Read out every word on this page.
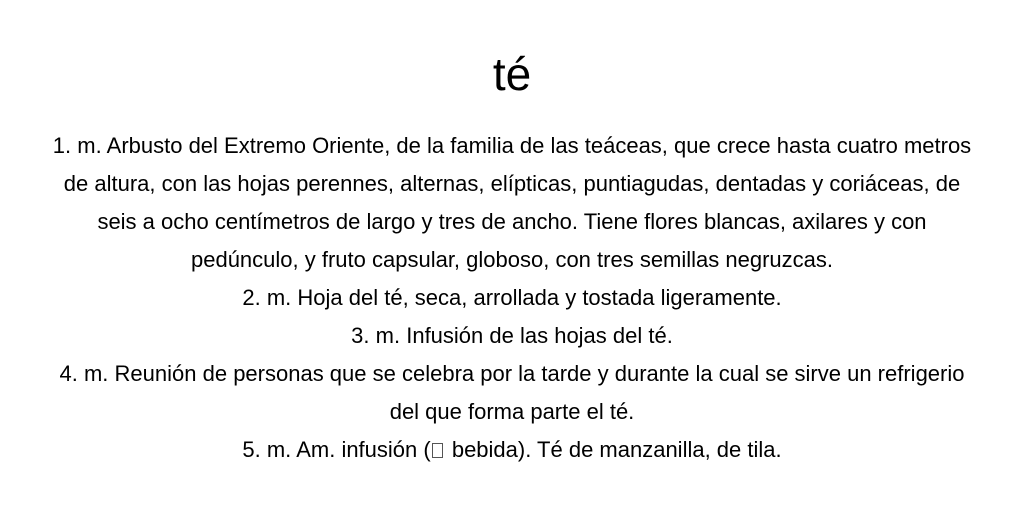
té
1. m. Arbusto del Extremo Oriente, de la familia de las teáceas, que crece hasta cuatro metros de altura, con las hojas perennes, alternas, elípticas, puntiagudas, dentadas y coriáceas, de seis a ocho centímetros de largo y tres de ancho. Tiene flores blancas, axilares y con pedúnculo, y fruto capsular, globoso, con tres semillas negruzcas.
2. m. Hoja del té, seca, arrollada y tostada ligeramente.
3. m. Infusión de las hojas del té.
4. m. Reunión de personas que se celebra por la tarde y durante la cual se sirve un refrigerio del que forma parte el té.
5. m. Am. infusión ( bebida). Té de manzanilla, de tila.
